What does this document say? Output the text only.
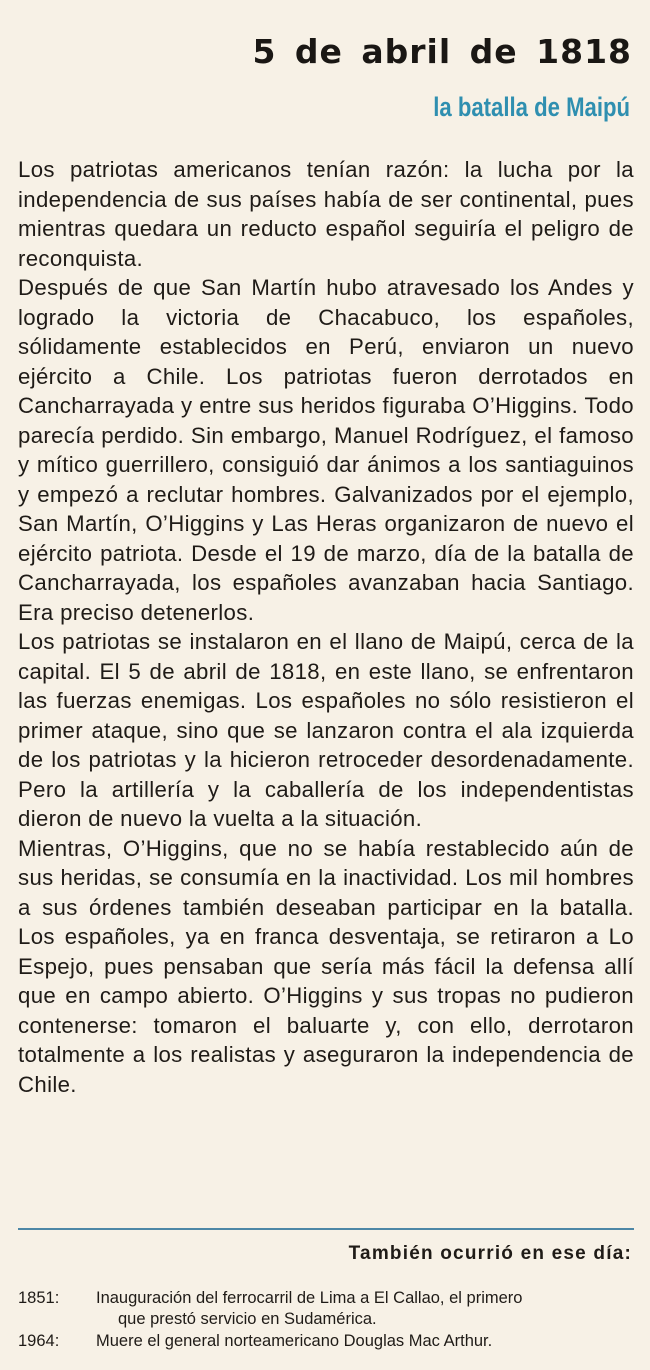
5 de abril de 1818
la batalla de Maipú

Los patriotas americanos tenían razón: la lucha por la independencia de sus países había de ser continental, pues mientras quedara un reducto español seguiría el peligro de reconquista.

Después de que San Martín hubo atravesado los Andes y logrado la victoria de Chacabuco, los españoles, sólidamente establecidos en Perú, enviaron un nuevo ejército a Chile. Los patriotas fueron derrotados en Cancharrayada y entre sus heridos figuraba O’Higgins. Todo parecía perdido. Sin embargo, Manuel Rodríguez, el famoso y mítico guerrillero, consiguió dar ánimos a los santiaguinos y empezó a reclutar hombres. Galvanizados por el ejemplo, San Martín, O’Higgins y Las Heras organizaron de nuevo el ejército patriota. Desde el 19 de marzo, día de la batalla de Cancharrayada, los españoles avanzaban hacia Santiago. Era preciso detenerlos.

Los patriotas se instalaron en el llano de Maipú, cerca de la capital. El 5 de abril de 1818, en este llano, se enfrentaron las fuerzas enemigas. Los españoles no sólo resistieron el primer ataque, sino que se lanzaron contra el ala izquierda de los patriotas y la hicieron retroceder desordenadamente. Pero la artillería y la caballería de los independentistas dieron de nuevo la vuelta a la situación.

Mientras, O’Higgins, que no se había restablecido aún de sus heridas, se consumía en la inactividad. Los mil hombres a sus órdenes también deseaban participar en la batalla. Los españoles, ya en franca desventaja, se retiraron a Lo Espejo, pues pensaban que sería más fácil la defensa allí que en campo abierto. O’Higgins y sus tropas no pudieron contenerse: tomaron el baluarte y, con ello, derrotaron totalmente a los realistas y aseguraron la independencia de Chile.

También ocurrió en ese día:
1851:	Inauguración del ferrocarril de Lima a El Callao, el primero
que prestó servicio en Sudamérica.
1964:	Muere el general norteamericano Douglas Mac Arthur.
